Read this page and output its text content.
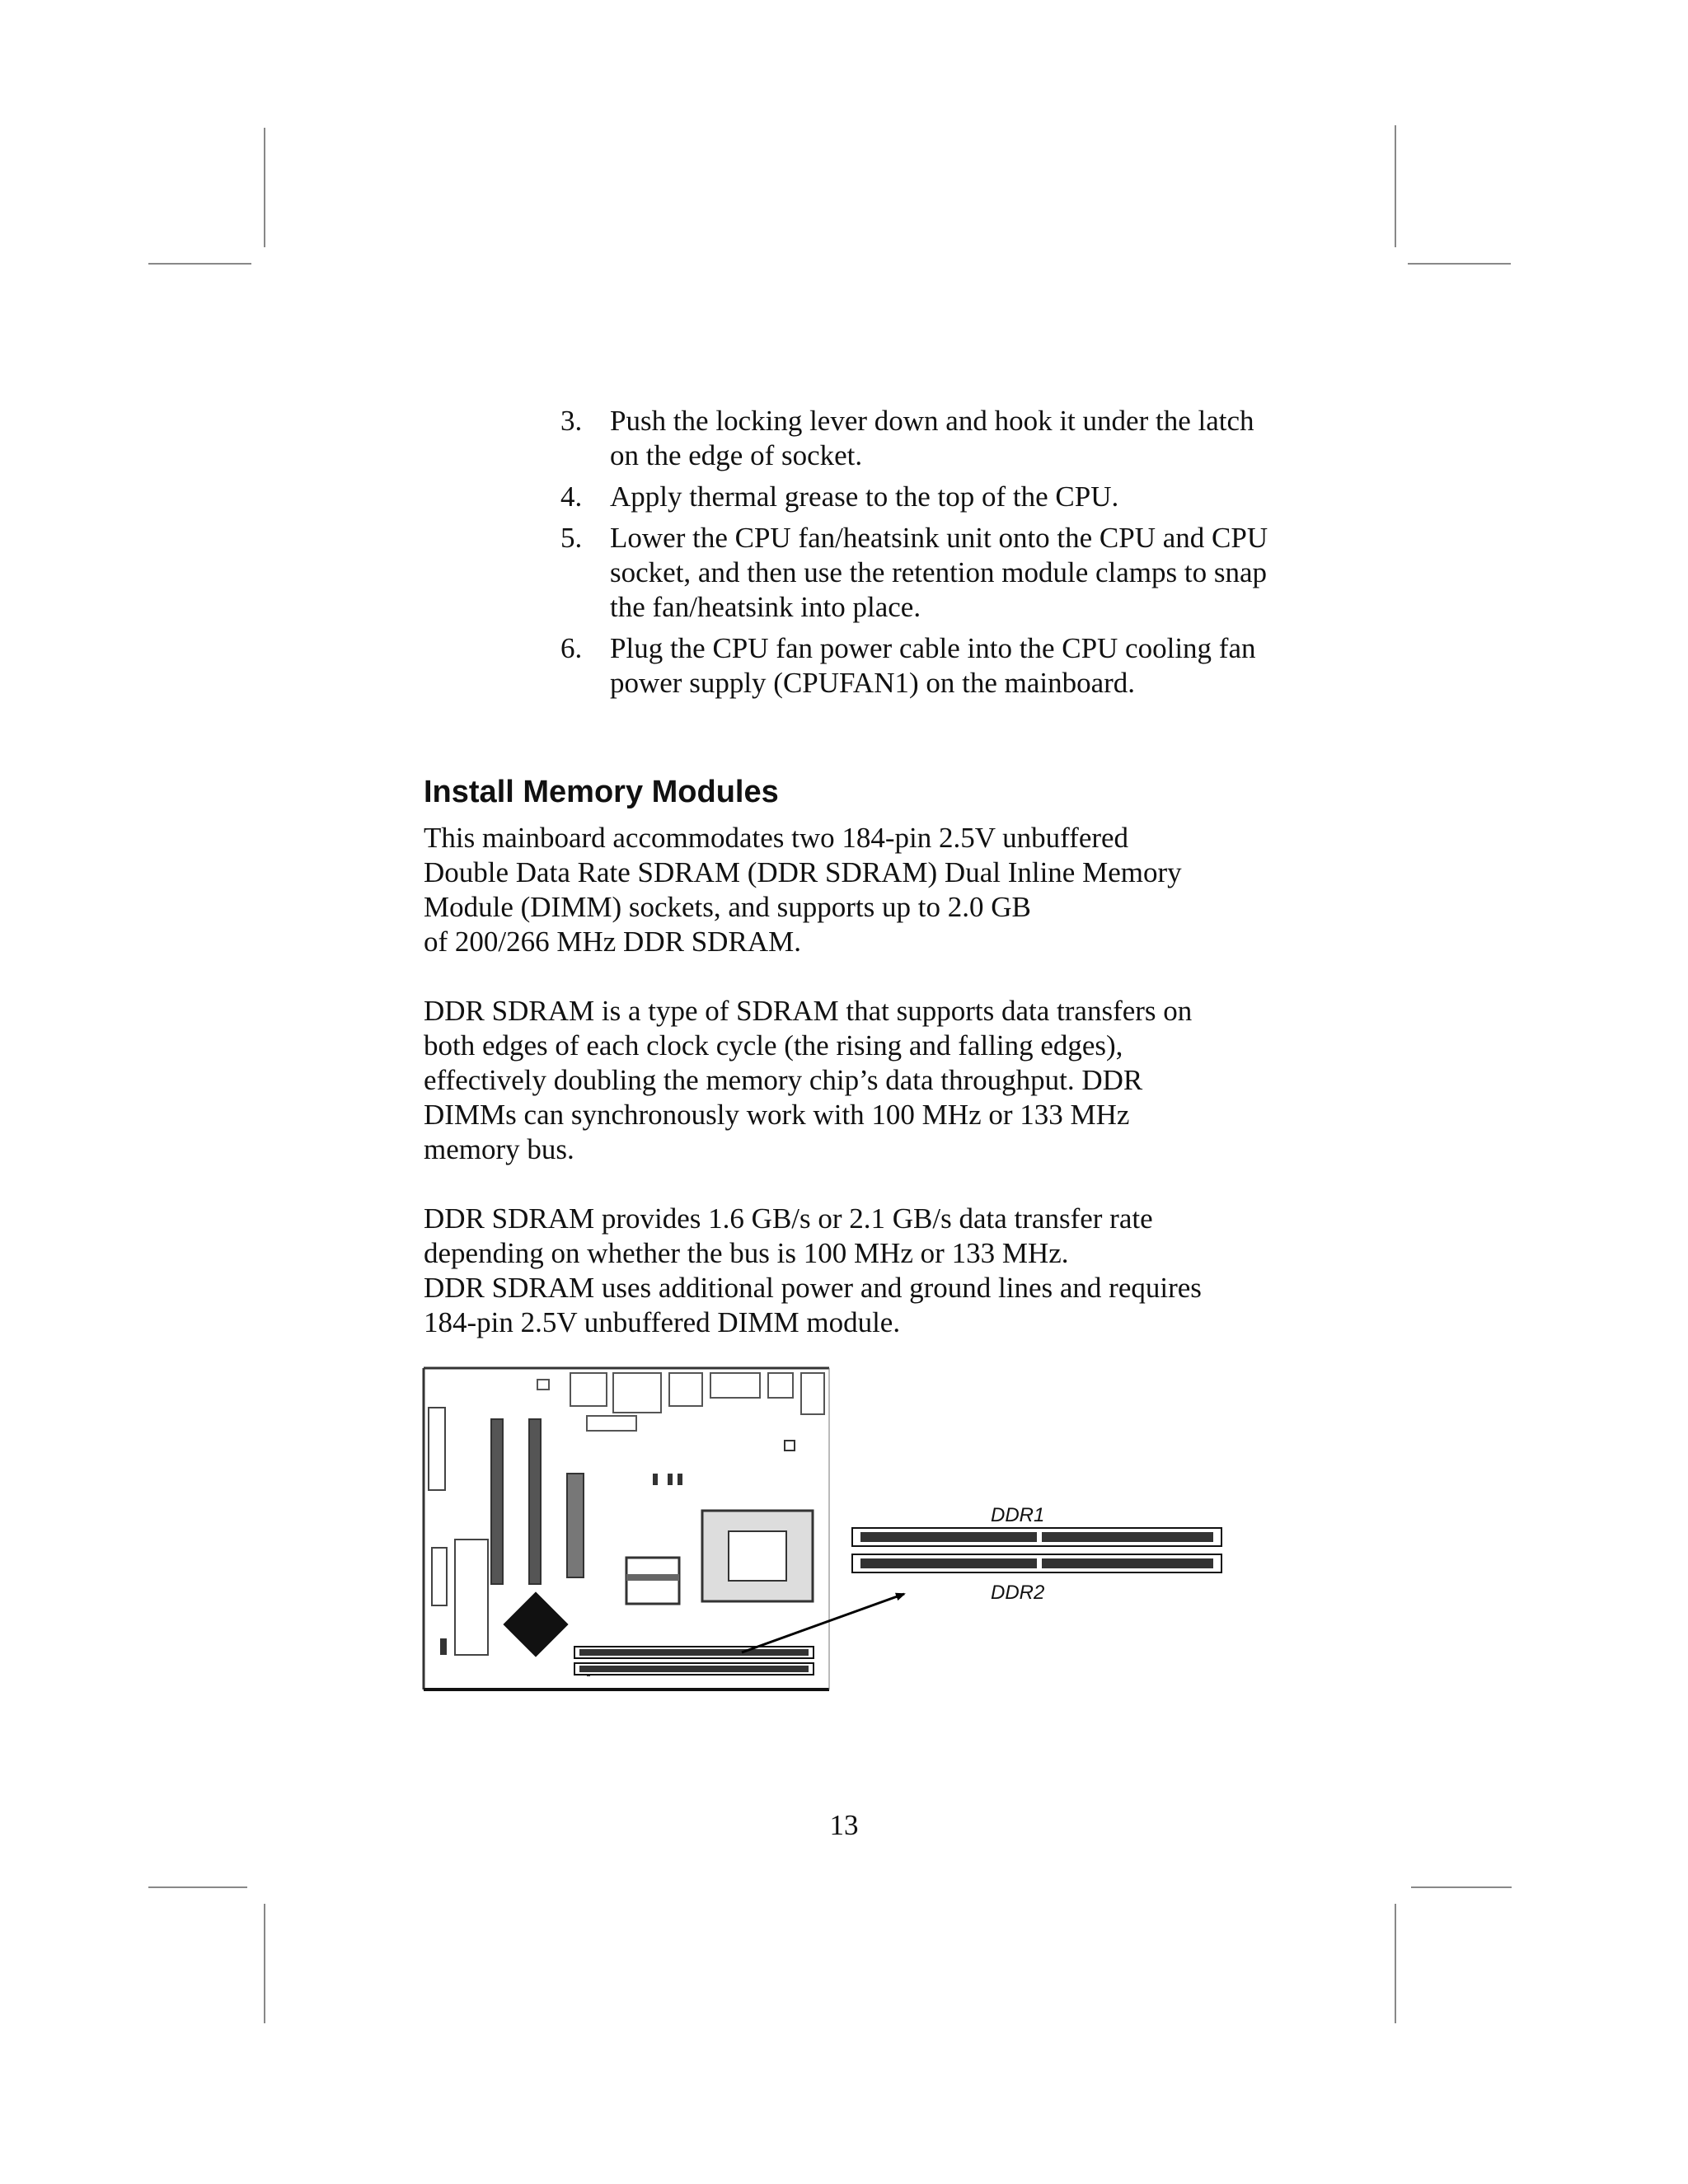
3. Push the locking lever down and hook it under the latch on the edge of socket.
4. Apply thermal grease to the top of the CPU.
5. Lower the CPU fan/heatsink unit onto the CPU and CPU socket, and then use the retention module clamps to snap the fan/heatsink into place.
6. Plug the CPU fan power cable into the CPU cooling fan power supply (CPUFAN1) on the mainboard.
Install Memory Modules

This mainboard accommodates two 184-pin 2.5V unbuffered
Double Data Rate SDRAM (DDR SDRAM) Dual Inline Memory
Module (DIMM) sockets, and supports up to 2.0 GB
of 200/266 MHz DDR SDRAM.

DDR SDRAM is a type of SDRAM that supports data transfers on
both edges of each clock cycle (the rising and falling edges),
effectively doubling the memory chip’s data throughput. DDR
DIMMs can synchronously work with 100 MHz or 133 MHz
memory bus.

DDR SDRAM provides 1.6 GB/s or 2.1 GB/s data transfer rate
depending on whether the bus is 100 MHz or 133 MHz.
DDR SDRAM uses additional power and ground lines and requires
184-pin 2.5V unbuffered DIMM module.

DDR1
DDR2

13
